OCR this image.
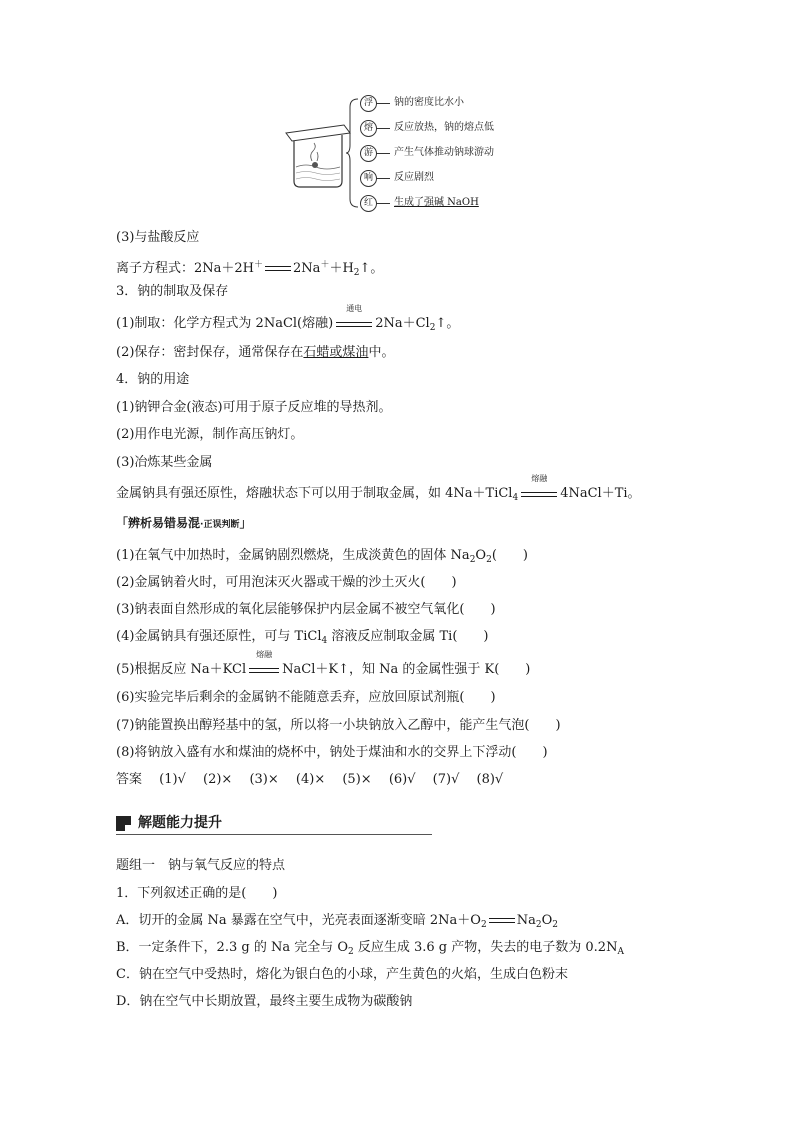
浮	钠的密度比水小
熔	反应放热，钠的熔点低
游	产生气体推动钠球游动
响	反应剧烈
红	生成了强碱 NaOH
(3)与盐酸反应
离子方程式：2Na＋2H＋ $2Na^++H_2↑$。
3．钠的制取及保存
(1)制取：化学方程式为 2NaCl(熔融)
通电
$2Na+Cl_2↑$。
(2)保存：密封保存，通常保存在石蜡或煤油中。
4．钠的用途
(1)钠钾合金(液态)可用于原子反应堆的导热剂。
(2)用作电光源，制作高压钠灯。
(3)冶炼某些金属
金属钠具有强还原性，熔融状态下可以用于制取金属，如 4Na＋TiCl$_4$
熔融
4NaCl＋Ti。
「辨析易错易混·正误判断」
(1)在氧气中加热时，金属钠剧烈燃烧，生成淡黄色的固体 $Na_2O_2$(　　)
(2)金属钠着火时，可用泡沫灭火器或干燥的沙土灭火(　　)
(3)钠表面自然形成的氧化层能够保护内层金属不被空气氧化(　　)
(4)金属钠具有强还原性，可与 TiCl$_4$ 溶液反应制取金属 Ti(　　)
(5)根据反应 Na＋KCl
熔融
NaCl＋K↑，知 Na 的金属性强于 K(　　)
(6)实验完毕后剩余的金属钠不能随意丢弃，应放回原试剂瓶(　　)
(7)钠能置换出醇羟基中的氢，所以将一小块钠放入乙醇中，能产生气泡(　　)
(8)将钠放入盛有水和煤油的烧杯中，钠处于煤油和水的交界上下浮动(　　)
答案　 (1)√　 (2)×　 (3)×　 (4)×　 (5)×　 (6)√　 (7)√　 (8)√
解题能力提升
题组一　钠与氧气反应的特点
1．下列叙述正确的是(　　)
A．切开的金属 Na 暴露在空气中，光亮表面逐渐变暗 $2Na+O_2$ $Na_2O_2$
B．一定条件下，2.3 g 的 Na 完全与 $O_2$ 反应生成 3.6 g 产物，失去的电子数为 $0.2N_A$
C．钠在空气中受热时，熔化为银白色的小球，产生黄色的火焰，生成白色粉末
D．钠在空气中长期放置，最终主要生成物为碳酸钠
